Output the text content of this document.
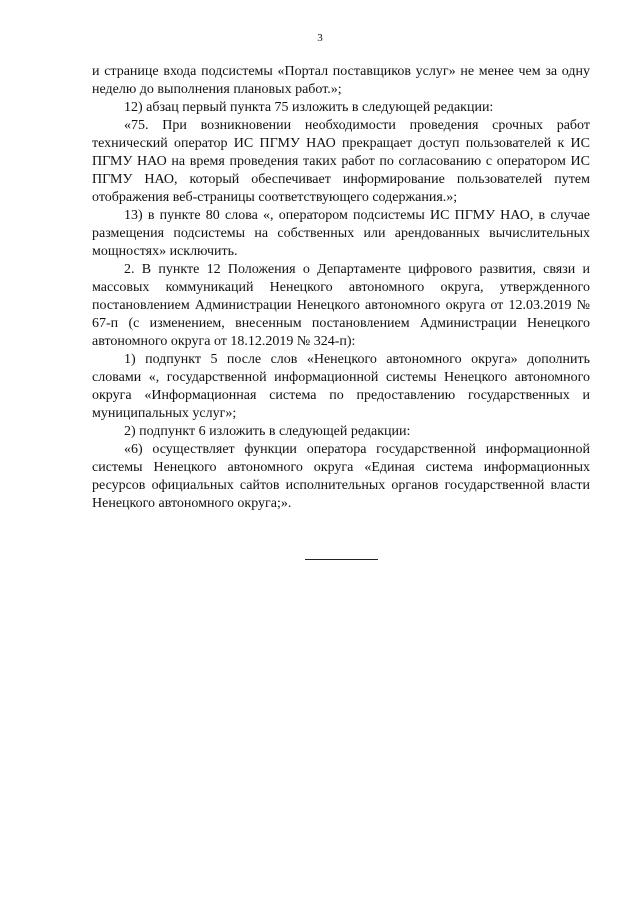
3

и странице входа подсистемы «Портал поставщиков услуг» не менее чем за одну неделю до выполнения плановых работ.»;

12) абзац первый пункта 75 изложить в следующей редакции:

«75. При возникновении необходимости проведения срочных работ технический оператор ИС ПГМУ НАО прекращает доступ пользователей к ИС ПГМУ НАО на время проведения таких работ по согласованию с оператором ИС ПГМУ НАО, который обеспечивает информирование пользователей путем отображения веб-страницы соответствующего содержания.»;

13) в пункте 80 слова «, оператором подсистемы ИС ПГМУ НАО, в случае размещения подсистемы на собственных или арендованных вычислительных мощностях» исключить.

2. В пункте 12 Положения о Департаменте цифрового развития, связи и массовых коммуникаций Ненецкого автономного округа, утвержденного постановлением Администрации Ненецкого автономного округа от 12.03.2019 № 67-п (с изменением, внесенным постановлением Администрации Ненецкого автономного округа от 18.12.2019 № 324-п):

1) подпункт 5 после слов «Ненецкого автономного округа» дополнить словами «, государственной информационной системы Ненецкого автономного округа «Информационная система по предоставлению государственных и муниципальных услуг»;

2) подпункт 6 изложить в следующей редакции:

«6) осуществляет функции оператора государственной информационной системы Ненецкого автономного округа «Единая система информационных ресурсов официальных сайтов исполнительных органов государственной власти Ненецкого автономного округа;».
